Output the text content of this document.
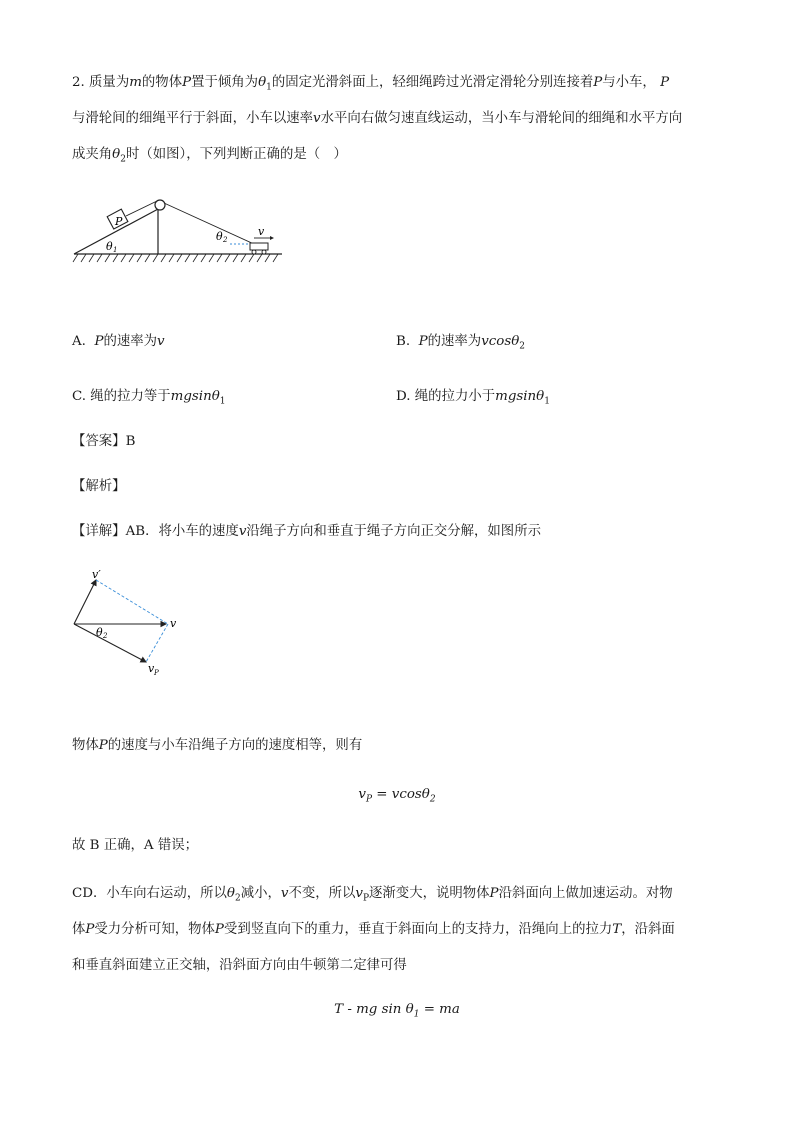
2. 质量为m的物体P置于倾角为$\theta_1$的固定光滑斜面上，轻细绳跨过光滑定滑轮分别连接着P与小车， P
与滑轮间的细绳平行于斜面，小车以速率v水平向右做匀速直线运动，当小车与滑轮间的细绳和水平方向
成夹角$\theta_2$时（如图），下列判断正确的是（　）
P
v
θ 1
θ 2
A. P的速率为v	B. P的速率为vcosθ$_2$
C. 绳的拉力等于mgsinθ$_1$	D. 绳的拉力小于mgsinθ$_1$
【答案】B
【解析】
【详解】AB．将小车的速度v沿绳子方向和垂直于绳子方向正交分解，如图所示
v′
v
v P
θ 2
物体P的速度与小车沿绳子方向的速度相等，则有
$v_P = vcos\theta_2$
故 B 正确，A 错误；
CD．小车向右运动，所以$\theta_2$减小，v不变，所以$v_P$逐渐变大，说明物体P沿斜面向上做加速运动。对物
体P受力分析可知，物体P受到竖直向下的重力，垂直于斜面向上的支持力，沿绳向上的拉力T，沿斜面
和垂直斜面建立正交轴，沿斜面方向由牛顿第二定律可得
T - mg $\sin \theta_1$ = ma
